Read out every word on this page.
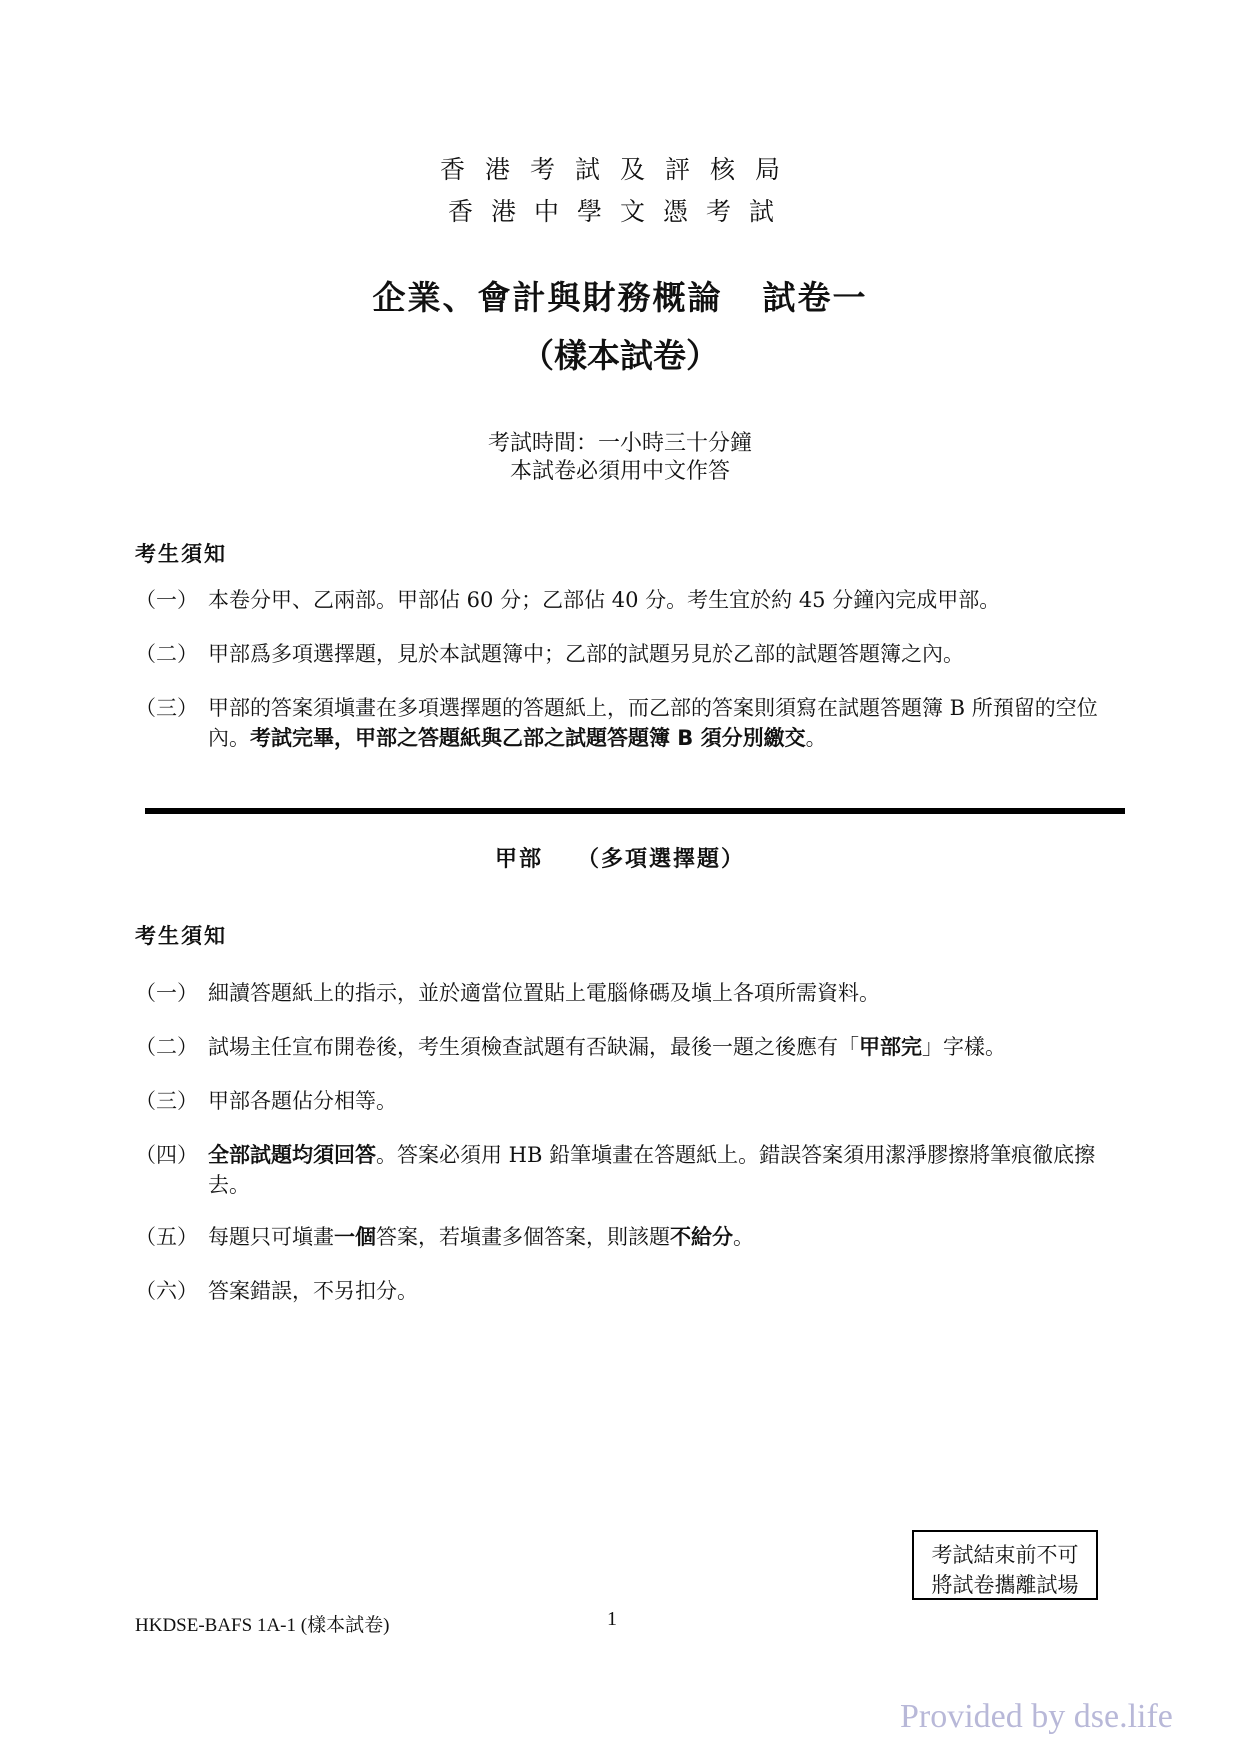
香港考試及評核局
香港中學文憑考試
企業、會計與財務概論 試卷一
（樣本試卷）
考試時間：一小時三十分鐘
本試卷必須用中文作答
考生須知
（一） 本卷分甲、乙兩部。甲部佔 60 分；乙部佔 40 分。考生宜於約 45 分鐘內完成甲部。
（二） 甲部爲多項選擇題，見於本試題簿中；乙部的試題另見於乙部的試題答題簿之內。
（三） 甲部的答案須塡畫在多項選擇題的答題紙上，而乙部的答案則須寫在試題答題簿 B 所預留的空位內。考試完畢，甲部之答題紙與乙部之試題答題簿 B 須分別繳交。
甲部 （多項選擇題）
考生須知
（一） 細讀答題紙上的指示，並於適當位置貼上電腦條碼及塡上各項所需資料。
（二） 試場主任宣布開卷後，考生須檢查試題有否缺漏，最後一題之後應有「甲部完」字樣。
（三） 甲部各題佔分相等。
（四） 全部試題均須回答。答案必須用 HB 鉛筆塡畫在答題紙上。錯誤答案須用潔淨膠擦將筆痕徹底擦去。
（五） 每題只可塡畫一個答案，若塡畫多個答案，則該題不給分。
（六） 答案錯誤，不另扣分。
考試結束前不可
將試卷攜離試場
HKDSE-BAFS 1A-1 (樣本試卷)	1
Provided by dse.life
